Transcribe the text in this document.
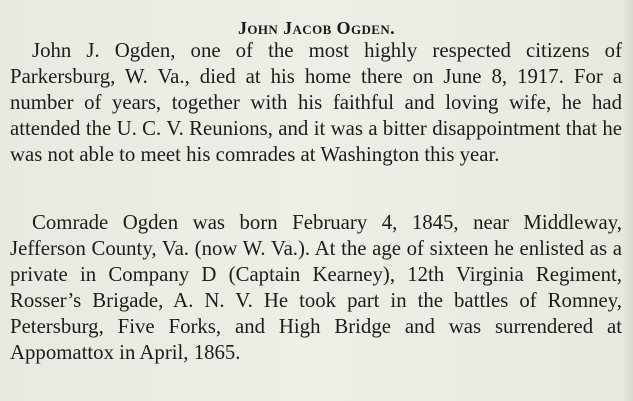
John Jacob Ogden.

John J. Ogden, one of the most highly respected citizens of Parkersburg, W. Va., died at his home there on June 8, 1917. For a number of years, together with his faithful and loving wife, he had attended the U. C. V. Reunions, and it was a bitter disappointment that he was not able to meet his comrades at Washington this year.

Comrade Ogden was born February 4, 1845, near Middleway, Jefferson County, Va. (now W. Va.). At the age of sixteen he enlisted as a private in Company D (Captain Kearney), 12th Virginia Regiment, Rosser’s Brigade, A. N. V. He took part in the battles of Romney, Petersburg, Five Forks, and High Bridge and was surrendered at Appomattox in April, 1865.
